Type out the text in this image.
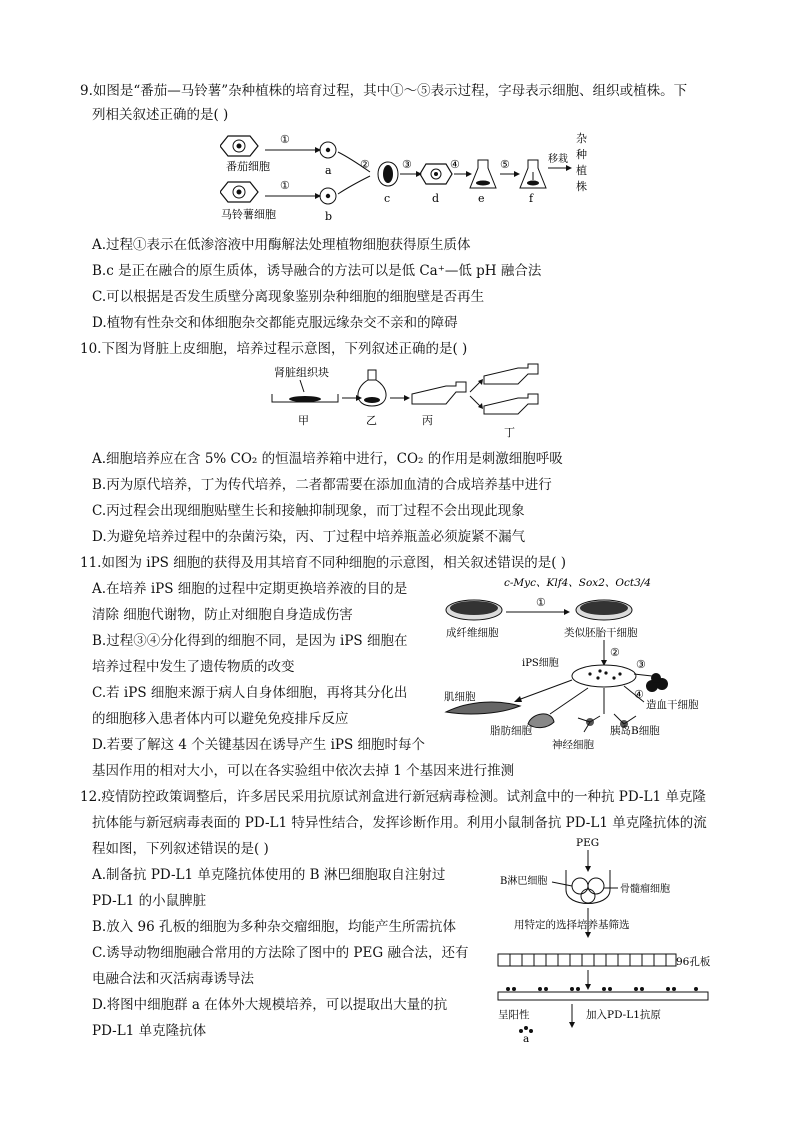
9.如图是“番茄—马铃薯”杂种植株的培育过程，其中①～⑤表示过程，字母表示细胞、组织或植株。下
列相关叙述正确的是( )
番茄细胞
①
a
马铃薯细胞
①
b
②
c
③
d
④
e
⑤
f
移栽
杂
种
植
株
A.过程①表示在低渗溶液中用酶解法处理植物细胞获得原生质体
B.c 是正在融合的原生质体，诱导融合的方法可以是低 Ca⁺—低 pH 融合法
C.可以根据是否发生质壁分离现象鉴别杂种细胞的细胞壁是否再生
D.植物有性杂交和体细胞杂交都能克服远缘杂交不亲和的障碍
10.下图为肾脏上皮细胞，培养过程示意图，下列叙述正确的是( )
肾脏组织块
甲	乙	丙
丁
A.细胞培养应在含 5% CO₂ 的恒温培养箱中进行，CO₂ 的作用是刺激细胞呼吸
B.丙为原代培养，丁为传代培养，二者都需要在添加血清的合成培养基中进行
C.丙过程会出现细胞贴壁生长和接触抑制现象，而丁过程不会出现此现象
D.为避免培养过程中的杂菌污染，丙、丁过程中培养瓶盖必须旋紧不漏气
11.如图为 iPS 细胞的获得及用其培育不同种细胞的示意图，相关叙述错误的是( )
A.在培养 iPS 细胞的过程中定期更换培养液的目的是
清除 细胞代谢物，防止对细胞自身造成伤害
B.过程③④分化得到的细胞不同，是因为 iPS 细胞在
培养过程中发生了遗传物质的改变
C.若 iPS 细胞来源于病人自身体细胞，再将其分化出
的细胞移入患者体内可以避免免疫排斥反应
D.若要了解这 4 个关键基因在诱导产生 iPS 细胞时每个
基因作用的相对大小，可以在各实验组中依次去掉 1 个基因来进行推测
c-Myc、Klf4、Sox2、Oct3/4
成纤维细胞
①
类似胚胎干细胞
②
iPS细胞
肌细胞
脂肪细胞
神经细胞
④
胰岛B细胞
③
造血干细胞
12.疫情防控政策调整后，许多居民采用抗原试剂盒进行新冠病毒检测。试剂盒中的一种抗 PD-L1 单克隆
抗体能与新冠病毒表面的 PD-L1 特异性结合，发挥诊断作用。利用小鼠制备抗 PD-L1 单克隆抗体的流
程如图，下列叙述错误的是( )
A.制备抗 PD-L1 单克隆抗体使用的 B 淋巴细胞取自注射过
PD-L1 的小鼠脾脏
B.放入 96 孔板的细胞为多种杂交瘤细胞，均能产生所需抗体
C.诱导动物细胞融合常用的方法除了图中的 PEG 融合法，还有
电融合法和灭活病毒诱导法
D.将图中细胞群 a 在体外大规模培养，可以提取出大量的抗
PD-L1 单克隆抗体
PEG
B淋巴细胞
骨髓瘤细胞
用特定的选择培养基筛选
96孔板
呈阳性	加入PD-L1抗原
a
